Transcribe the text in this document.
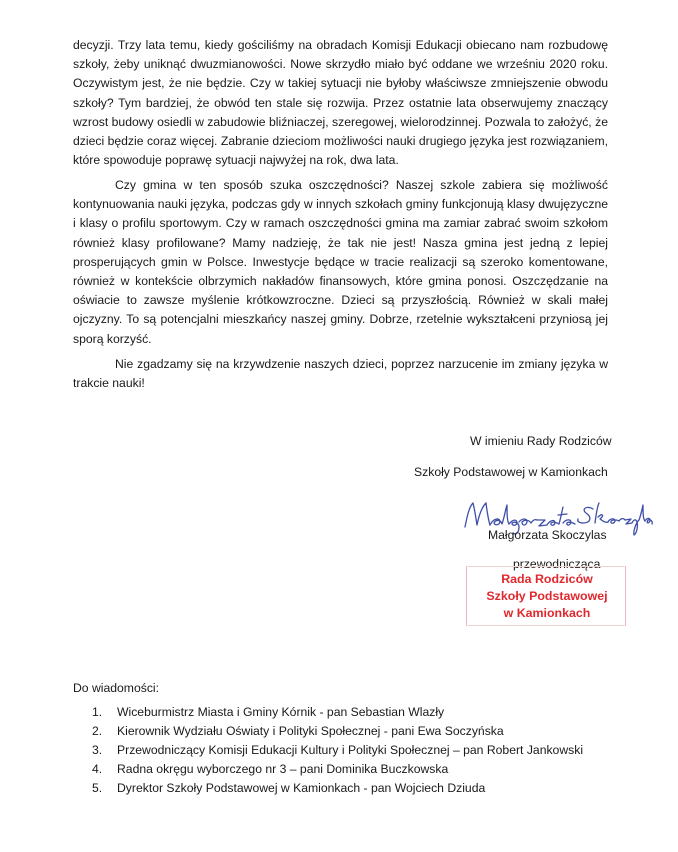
decyzji. Trzy lata temu, kiedy gościliśmy na obradach Komisji Edukacji obiecano nam rozbudowę szkoły, żeby uniknąć dwuzmianowości. Nowe skrzydło miało być oddane we wrześniu 2020 roku. Oczywistym jest, że nie będzie. Czy w takiej sytuacji nie byłoby właściwsze zmniejszenie obwodu szkoły? Tym bardziej, że obwód ten stale się rozwija. Przez ostatnie lata obserwujemy znaczący wzrost budowy osiedli w zabudowie bliźniaczej, szeregowej, wielorodzinnej. Pozwala to założyć, że dzieci będzie coraz więcej. Zabranie dzieciom możliwości nauki drugiego języka jest rozwiązaniem, które spowoduje poprawę sytuacji najwyżej na rok, dwa lata.

Czy gmina w ten sposób szuka oszczędności? Naszej szkole zabiera się możliwość kontynuowania nauki języka, podczas gdy w innych szkołach gminy funkcjonują klasy dwujęzyczne i klasy o profilu sportowym. Czy w ramach oszczędności gmina ma zamiar zabrać swoim szkołom również klasy profilowane? Mamy nadzieję, że tak nie jest! Nasza gmina jest jedną z lepiej prosperujących gmin w Polsce. Inwestycje będące w tracie realizacji są szeroko komentowane, również w kontekście olbrzymich nakładów finansowych, które gmina ponosi. Oszczędzanie na oświacie to zawsze myślenie krótkowzroczne. Dzieci są przyszłością. Również w skali małej ojczyzny. To są potencjalni mieszkańcy naszej gminy. Dobrze, rzetelnie wykształceni przyniosą jej sporą korzyść.

Nie zgadzamy się na krzywdzenie naszych dzieci, poprzez narzucenie im zmiany języka w trakcie nauki!

W imieniu Rady Rodziców
Szkoły Podstawowej w Kamionkach
Małgorzata Skoczylas
przewodnicząca
Rada Rodziców
Szkoły Podstawowej
w Kamionkach
Do wiadomości:
1. Wiceburmistrz Miasta i Gminy Kórnik - pan Sebastian Wlazły
2. Kierownik Wydziału Oświaty i Polityki Społecznej - pani Ewa Soczyńska
3. Przewodniczący Komisji Edukacji Kultury i Polityki Społecznej – pan Robert Jankowski
4. Radna okręgu wyborczego nr 3 – pani Dominika Buczkowska
5. Dyrektor Szkoły Podstawowej w Kamionkach - pan Wojciech Dziuda
